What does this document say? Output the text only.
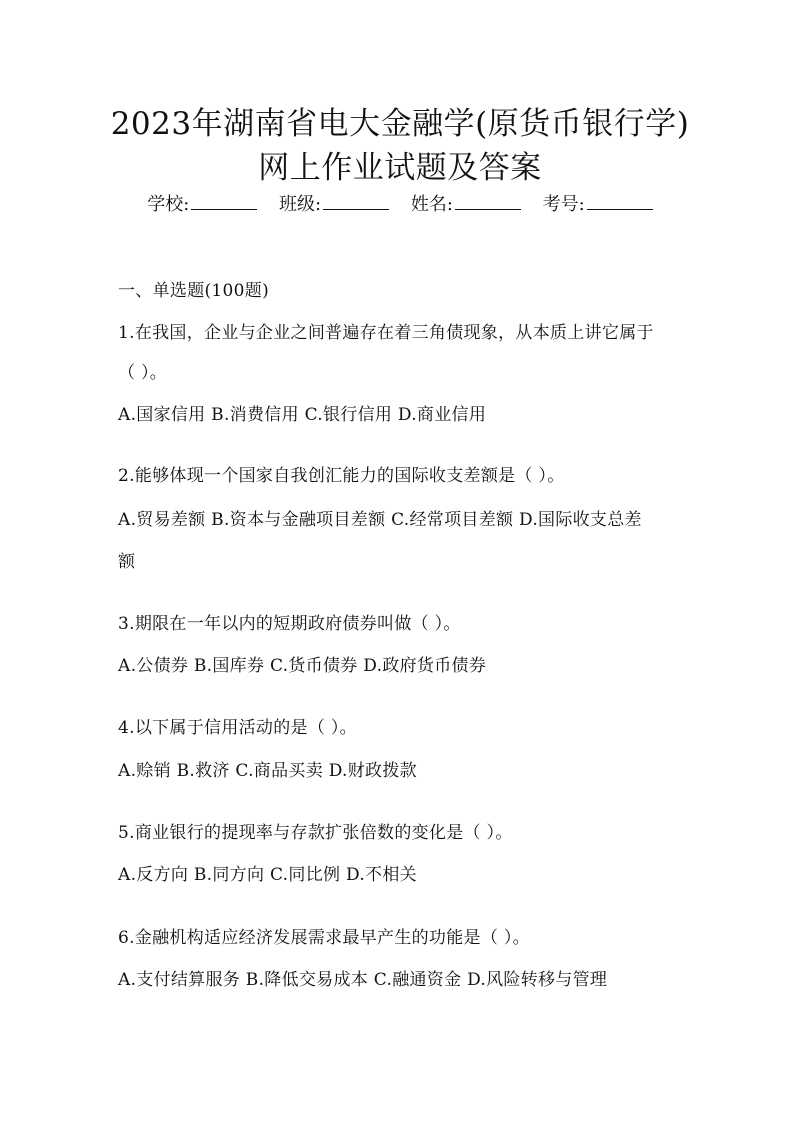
2023年湖南省电大金融学(原货币银行学)
网上作业试题及答案
学校:	班级:	姓名:	考号:
一、单选题(100题)
1.在我国，企业与企业之间普遍存在着三角债现象，从本质上讲它属于
（ ）。
A.国家信用 B.消费信用 C.银行信用 D.商业信用
2.能够体现一个国家自我创汇能力的国际收支差额是（ ）。
A.贸易差额 B.资本与金融项目差额 C.经常项目差额 D.国际收支总差
额
3.期限在一年以内的短期政府债券叫做（ ）。
A.公债券 B.国库券 C.货币债券 D.政府货币债券
4.以下属于信用活动的是（ ）。
A.赊销 B.救济 C.商品买卖 D.财政拨款
5.商业银行的提现率与存款扩张倍数的变化是（ ）。
A.反方向 B.同方向 C.同比例 D.不相关
6.金融机构适应经济发展需求最早产生的功能是（ ）。
A.支付结算服务 B.降低交易成本 C.融通资金 D.风险转移与管理
